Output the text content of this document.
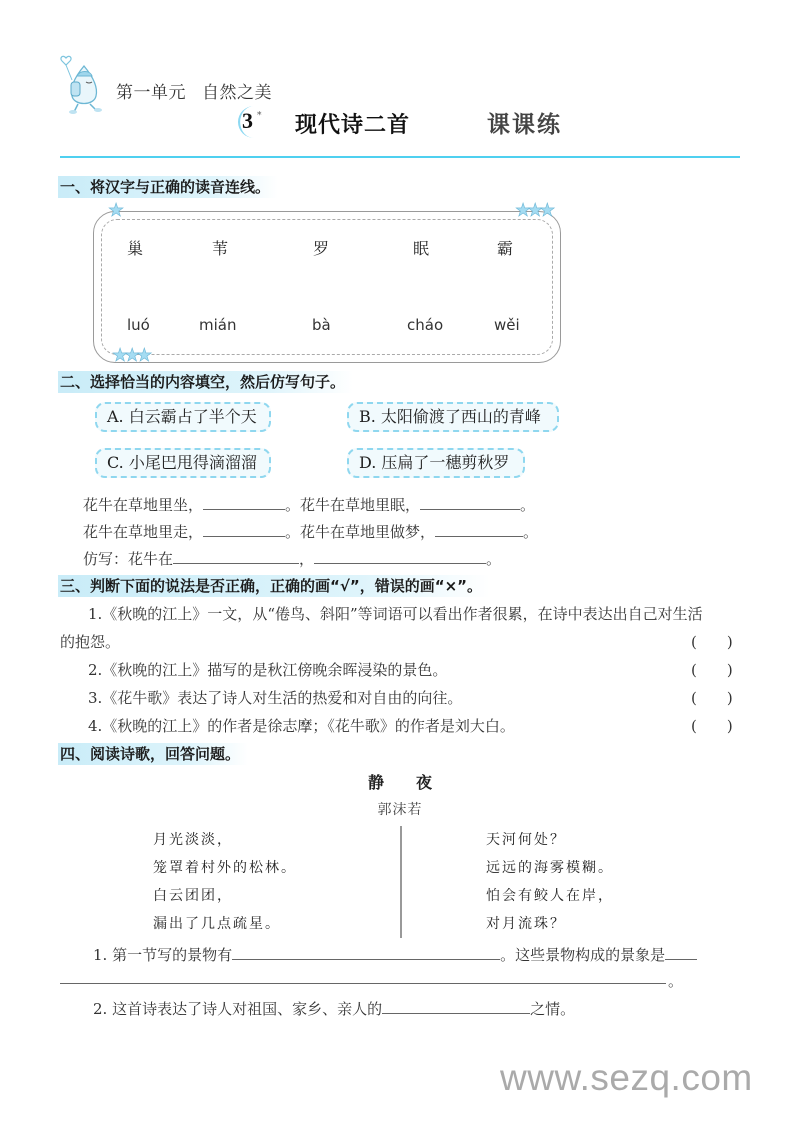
第一单元 自然之美
3 * 现代诗二首	课课练
一、将汉字与正确的读音连线。
★	★★★
★★★
巢	苇	罗	眠	霸
luó	mián	bà	cháo	wěi
二、选择恰当的内容填空，然后仿写句子。
A. 白云霸占了半个天	B. 太阳偷渡了西山的青峰
C. 小尾巴甩得滴溜溜	D. 压扁了一穗剪秋罗
花牛在草地里坐，	。花牛在草地里眠，	。
花牛在草地里走，	。花牛在草地里做梦，	。
仿写：花牛在	，	。
三、判断下面的说法是否正确，正确的画“√”，错误的画“×”。
1.《秋晚的江上》一文，从“倦鸟、斜阳”等词语可以看出作者很累，在诗中表达出自己对生活
的抱怨。	(　　)
2.《秋晚的江上》描写的是秋江傍晚余晖浸染的景色。	(　　)
3.《花牛歌》表达了诗人对生活的热爱和对自由的向往。	(　　)
4.《秋晚的江上》的作者是徐志摩；《花牛歌》的作者是刘大白。	(　　)
四、阅读诗歌，回答问题。
静　　夜
郭沫若
月光淡淡，
笼罩着村外的松林。
白云团团，
漏出了几点疏星。
天河何处？
远远的海雾模糊。
怕会有鲛人在岸，
对月流珠？
1. 第一节写的景物有	。这些景物构成的景象是
。
2. 这首诗表达了诗人对祖国、家乡、亲人的	之情。
www.sezq.com
